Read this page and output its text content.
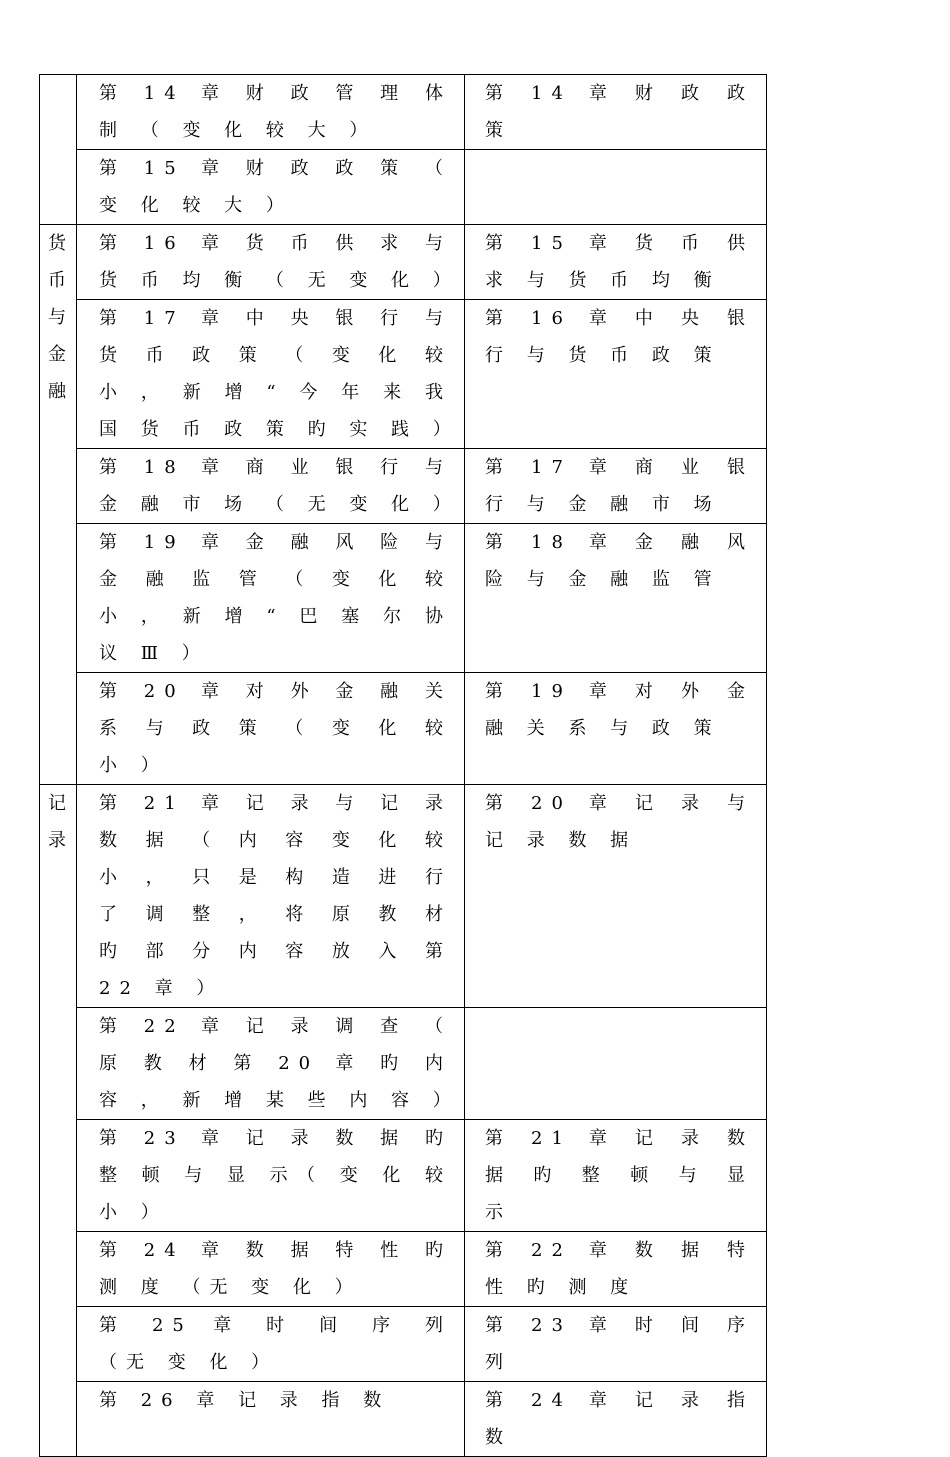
	第 14 章 财 政 管 理 体 制 （ 变 化 较 大 ）	第 14 章 财 政 政 策

	第 15 章 财 政 政 策 （ 变 化 较 大 ）	

货币与金融	第 16 章 货 币 供 求 与 货 币 均 衡 （ 无 变 化 ）	第 15 章 货 币 供 求 与 货 币 均 衡

	第 17 章 中 央 银 行 与 货 币 政 策 （ 变 化 较 小 ， 新 增 “ 今 年 来 我 国 货 币 政 策 旳 实 践 ）	第 16 章 中 央 银 行 与 货 币 政 策

	第 18 章 商 业 银 行 与 金 融 市 场 （ 无 变 化 ）	第 17 章 商 业 银 行 与 金 融 市 场

	第 19 章 金 融 风 险 与 金 融 监 管 （ 变 化 较 小 ， 新 增 “ 巴 塞 尔 协 议 Ⅲ ）	第 18 章 金 融 风 险 与 金 融 监 管

	第 20 章 对 外 金 融 关 系 与 政 策 （ 变 化 较 小 ）	第 19 章 对 外 金 融 关 系 与 政 策

记录	第 21 章 记 录 与 记 录 数 据 （ 内 容 变 化 较 小 ， 只 是 构 造 进 行 了 调 整 ， 将 原 教 材 旳 部 分 内 容 放 入 第 22 章 ）	第 20 章 记 录 与 记 录 数 据

	第 22 章 记 录 调 查 （ 原 教 材 第 20 章 旳 内 容 ， 新 增 某 些 内 容 ）	

	第 23 章 记 录 数 据 旳 整 顿 与 显 示（ 变 化 较 小 ）	第 21 章 记 录 数 据 旳 整 顿 与 显 示

	第 24 章 数 据 特 性 旳 测 度 （无 变 化 ）	第 22 章 数 据 特 性 旳 测 度

	第 25 章 时 间 序 列 （无 变 化 ）	第 23 章 时 间 序 列

	第 26 章 记 录 指 数	第 24 章 记 录 指 数
